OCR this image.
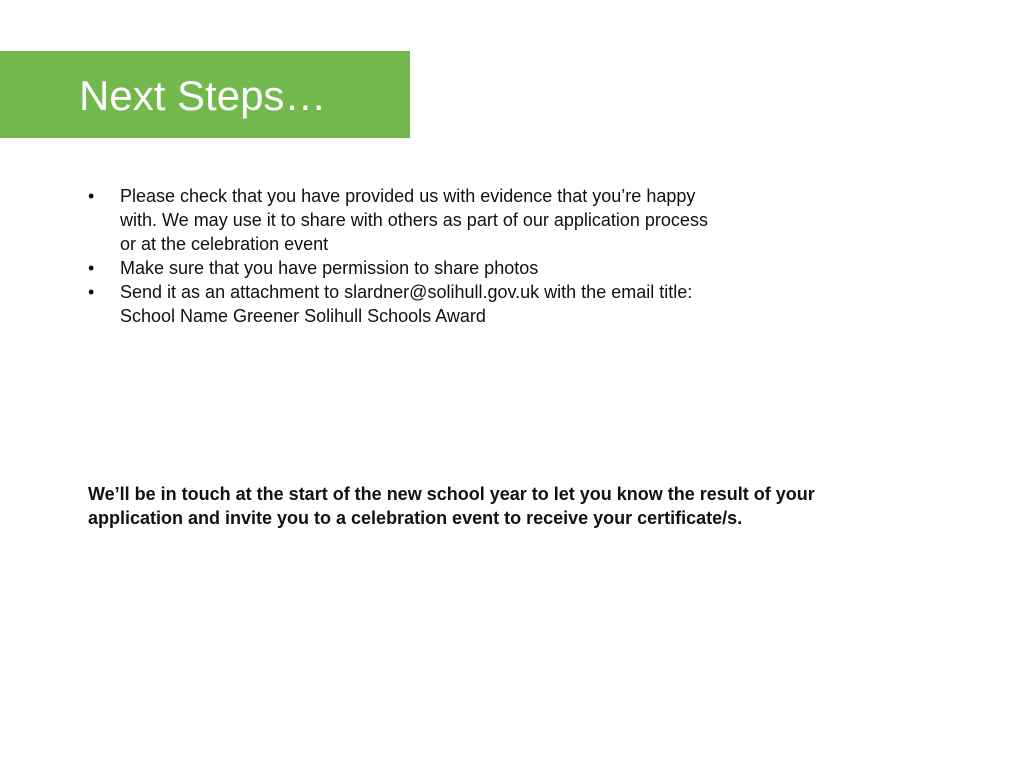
Next Steps…
•	Please check that you have provided us with evidence that you’re happy with. We may use it to share with others as part of our application process or at the celebration event
•	Make sure that you have permission to share photos
•	Send it as an attachment to slardner@solihull.gov.uk with the email title: School Name Greener Solihull Schools Award

We’ll be in touch at the start of the new school year to let you know the result of your application and invite you to a celebration event to receive your certificate/s.
